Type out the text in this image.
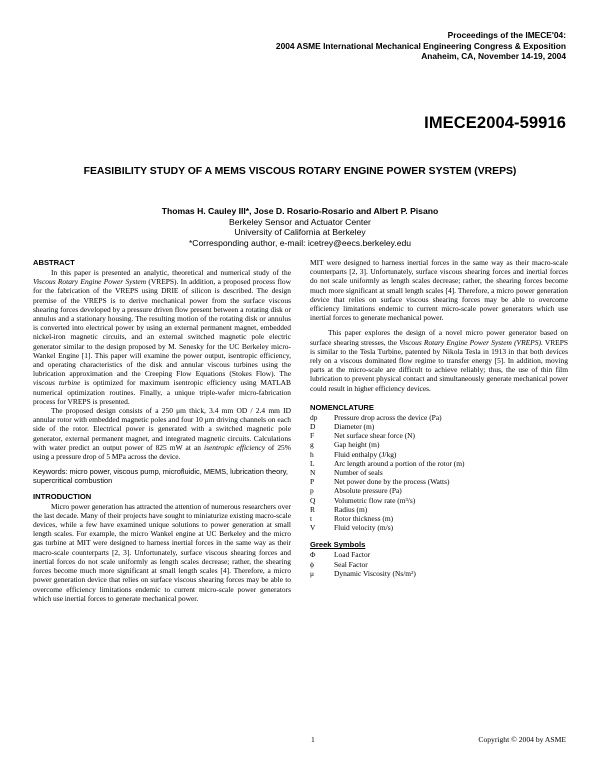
Proceedings of the IMECE'04:
2004 ASME International Mechanical Engineering Congress & Exposition
Anaheim, CA, November 14-19, 2004
IMECE2004-59916
FEASIBILITY STUDY OF A MEMS VISCOUS ROTARY ENGINE POWER SYSTEM (VREPS)
Thomas H. Cauley III*, Jose D. Rosario-Rosario and Albert P. Pisano
Berkeley Sensor and Actuator Center
University of California at Berkeley
*Corresponding author, e-mail: icetrey@eecs.berkeley.edu
ABSTRACT

In this paper is presented an analytic, theoretical and numerical study of the Viscous Rotary Engine Power System (VREPS). In addition, a proposed process flow for the fabrication of the VREPS using DRIE of silicon is described. The design premise of the VREPS is to derive mechanical power from the surface viscous shearing forces developed by a pressure driven flow present between a rotating disk or annulus and a stationary housing. The resulting motion of the rotating disk or annulus is converted into electrical power by using an external permanent magnet, embedded nickel-iron magnetic circuits, and an external switched magnetic pole electric generator similar to the design proposed by M. Senesky for the UC Berkeley micro-Wankel Engine [1]. This paper will examine the power output, isentropic efficiency, and operating characteristics of the disk and annular viscous turbines using the lubrication approximation and the Creeping Flow Equations (Stokes Flow). The viscous turbine is optimized for maximum isentropic efficiency using MATLAB numerical optimization routines. Finally, a unique triple-wafer micro-fabrication process for VREPS is presented.

The proposed design consists of a 250 μm thick, 3.4 mm OD / 2.4 mm ID annular rotor with embedded magnetic poles and four 10 μm driving channels on each side of the rotor. Electrical power is generated with a switched magnetic pole generator, external permanent magnet, and integrated magnetic circuits. Calculations with water predict an output power of 825 mW at an isentropic efficiency of 25% using a pressure drop of 5 MPa across the device.

Keywords: micro power, viscous pump, microfluidic, MEMS, lubrication theory, supercritical combustion

INTRODUCTION

Micro power generation has attracted the attention of numerous researchers over the last decade. Many of their projects have sought to miniaturize existing macro-scale devices, while a few have examined unique solutions to power generation at small length scales. For example, the micro Wankel engine at UC Berkeley and the micro gas turbine at MIT were designed to harness inertial forces in the same way as their macro-scale counterparts [2, 3]. Unfortunately, surface viscous shearing forces and inertial forces do not scale uniformly as length scales decrease; rather, the shearing forces become much more significant at small length scales [4]. Therefore, a micro power generation device that relies on surface viscous shearing forces may be able to overcome efficiency limitations endemic to current micro-scale power generators which use inertial forces to generate mechanical power.

MIT were designed to harness inertial forces in the same way as their macro-scale counterparts [2, 3]. Unfortunately, surface viscous shearing forces and inertial forces do not scale uniformly as length scales decrease; rather, the shearing forces become much more significant at small length scales [4]. Therefore, a micro power generation device that relies on surface viscous shearing forces may be able to overcome efficiency limitations endemic to current micro-scale power generators which use inertial forces to generate mechanical power.

This paper explores the design of a novel micro power generator based on surface shearing stresses, the Viscous Rotary Engine Power System (VREPS). VREPS is similar to the Tesla Turbine, patented by Nikola Tesla in 1913 in that both devices rely on a viscous dominated flow regime to transfer energy [5]. In addition, moving parts at the micro-scale are difficult to achieve reliably; thus, the use of thin film lubrication to prevent physical contact and simultaneously generate mechanical power could result in higher efficiency devices.

NOMENCLATURE
dp	Pressure drop across the device (Pa)
D	Diameter (m)
F	Net surface shear force (N)
g	Gap height (m)
h	Fluid enthalpy (J/kg)
L	Arc length around a portion of the rotor (m)
N	Number of seals
P	Net power done by the process (Watts)
p	Absolute pressure (Pa)
Q	Volumetric flow rate (m³/s)
R	Radius (m)
t	Rotor thickness (m)
V	Fluid velocity (m/s)
Greek Symbols
Φ	Load Factor
ϕ	Seal Factor
μ	Dynamic Viscosity (Ns/m²)
1	Copyright © 2004 by ASME
